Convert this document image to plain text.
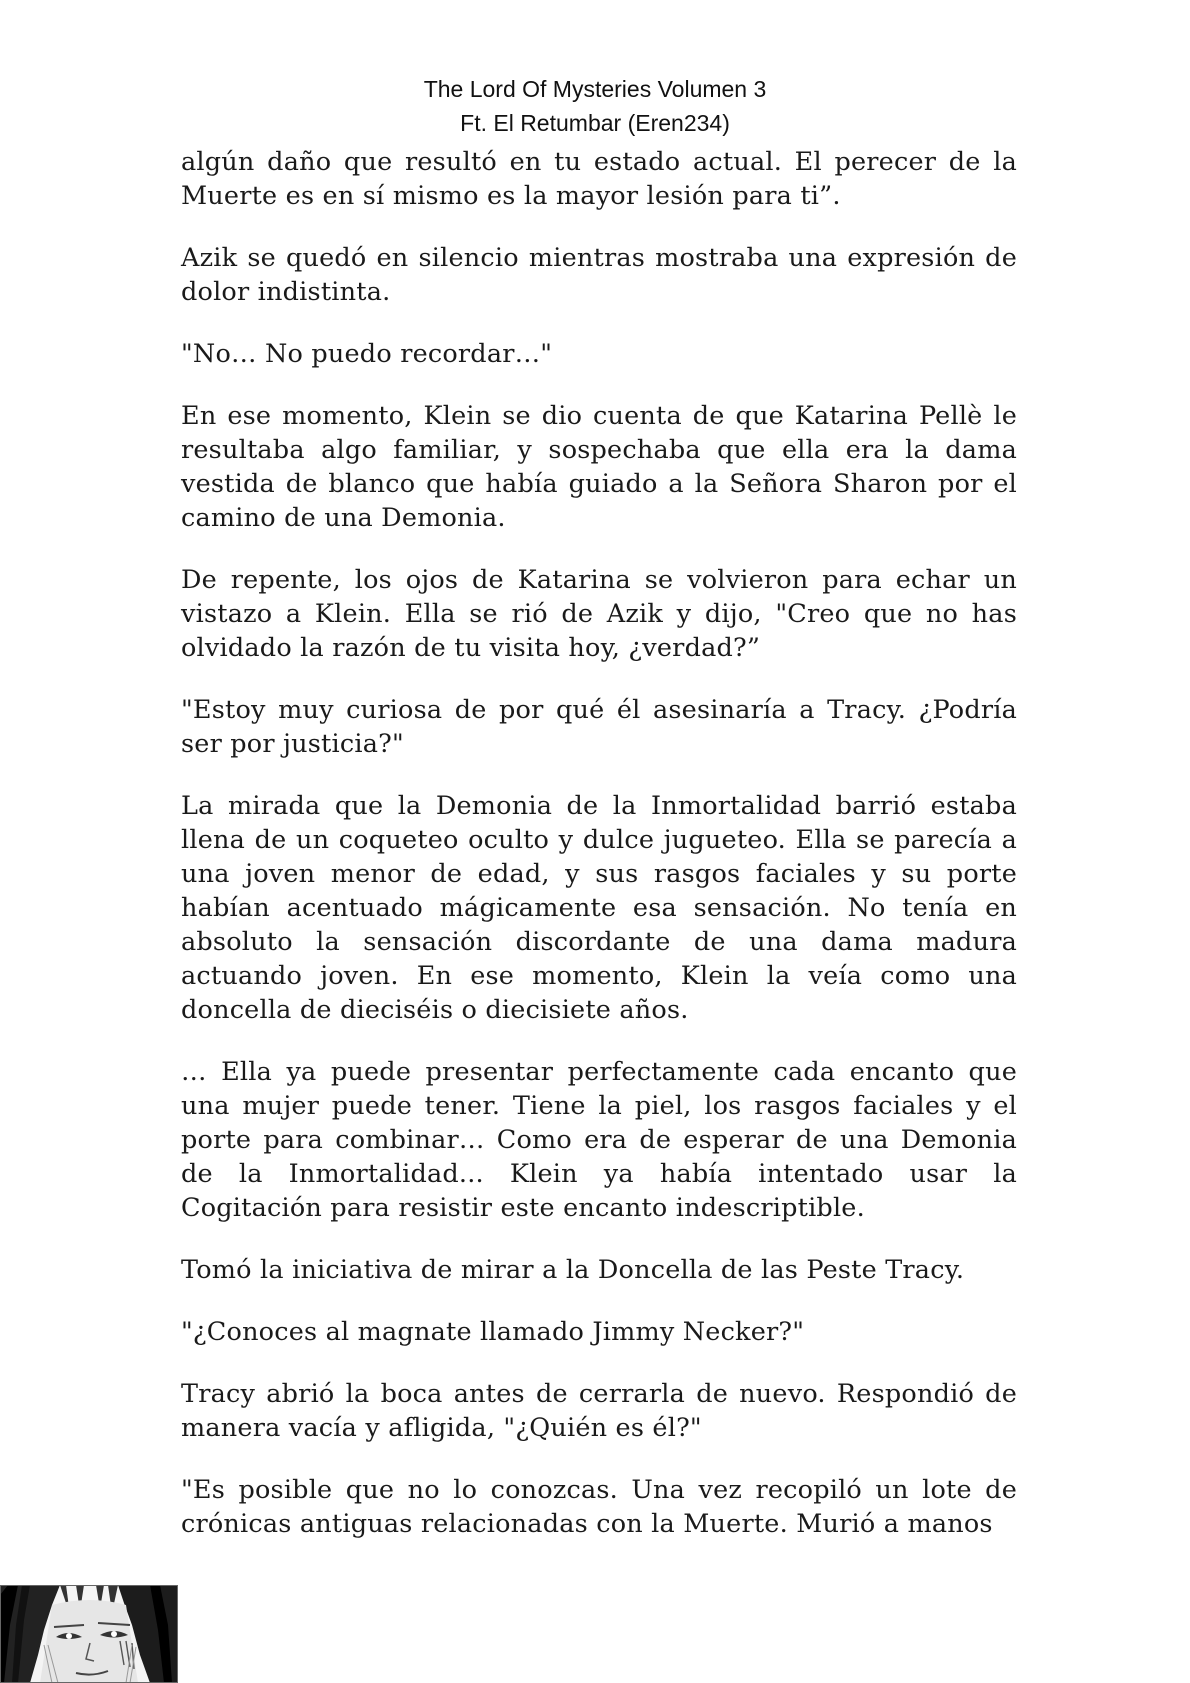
The Lord Of Mysteries Volumen 3
Ft. El Retumbar (Eren234)

algún daño que resultó en tu estado actual. El perecer de la Muerte es en sí mismo es la mayor lesión para ti”.

Azik se quedó en silencio mientras mostraba una expresión de dolor indistinta.

"No… No puedo recordar…"

En ese momento, Klein se dio cuenta de que Katarina Pellè le resultaba algo familiar, y sospechaba que ella era la dama vestida de blanco que había guiado a la Señora Sharon por el camino de una Demonia.

De repente, los ojos de Katarina se volvieron para echar un vistazo a Klein. Ella se rió de Azik y dijo, "Creo que no has olvidado la razón de tu visita hoy, ¿verdad?”

"Estoy muy curiosa de por qué él asesinaría a Tracy. ¿Podría ser por justicia?"

La mirada que la Demonia de la Inmortalidad barrió estaba llena de un coqueteo oculto y dulce jugueteo. Ella se parecía a una joven menor de edad, y sus rasgos faciales y su porte habían acentuado mágicamente esa sensación. No tenía en absoluto la sensación discordante de una dama madura actuando joven. En ese momento, Klein la veía como una doncella de dieciséis o diecisiete años.

… Ella ya puede presentar perfectamente cada encanto que una mujer puede tener. Tiene la piel, los rasgos faciales y el porte para combinar… Como era de esperar de una Demonia de la Inmortalidad... Klein ya había intentado usar la Cogitación para resistir este encanto indescriptible.

Tomó la iniciativa de mirar a la Doncella de las Peste Tracy.

"¿Conoces al magnate llamado Jimmy Necker?"

Tracy abrió la boca antes de cerrarla de nuevo. Respondió de manera vacía y afligida, "¿Quién es él?"

"Es posible que no lo conozcas. Una vez recopiló un lote de crónicas antiguas relacionadas con la Muerte. Murió a manos
